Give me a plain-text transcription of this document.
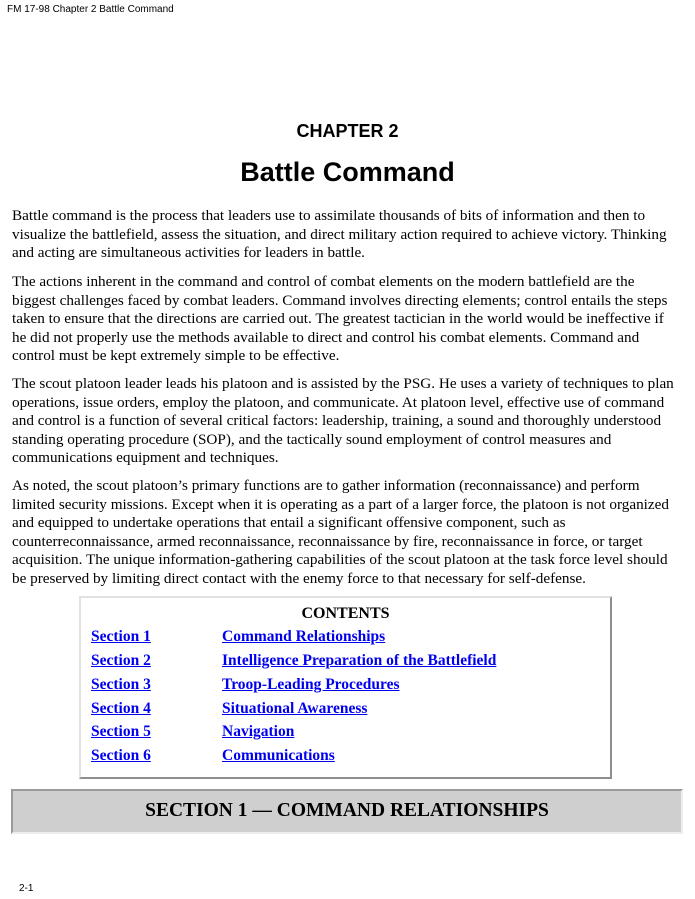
FM 17-98 Chapter 2 Battle Command
CHAPTER 2
Battle Command

Battle command is the process that leaders use to assimilate thousands of bits of information and then to visualize the battlefield, assess the situation, and direct military action required to achieve victory. Thinking and acting are simultaneous activities for leaders in battle.

The actions inherent in the command and control of combat elements on the modern battlefield are the biggest challenges faced by combat leaders. Command involves directing elements; control entails the steps taken to ensure that the directions are carried out. The greatest tactician in the world would be ineffective if he did not properly use the methods available to direct and control his combat elements. Command and control must be kept extremely simple to be effective.

The scout platoon leader leads his platoon and is assisted by the PSG. He uses a variety of techniques to plan operations, issue orders, employ the platoon, and communicate. At platoon level, effective use of command and control is a function of several critical factors: leadership, training, a sound and thoroughly understood standing operating procedure (SOP), and the tactically sound employment of control measures and communications equipment and techniques.

As noted, the scout platoon’s primary functions are to gather information (reconnaissance) and perform limited security missions. Except when it is operating as a part of a larger force, the platoon is not organized and equipped to undertake operations that entail a significant offensive component, such as counterreconnaissance, armed reconnaissance, reconnaissance by fire, reconnaissance in force, or target acquisition. The unique information-gathering capabilities of the scout platoon at the task force level should be preserved by limiting direct contact with the enemy force to that necessary for self-defense.

CONTENTS
Section 1	Command Relationships
Section 2	Intelligence Preparation of the Battlefield
Section 3	Troop-Leading Procedures
Section 4	Situational Awareness
Section 5	Navigation
Section 6	Communications
SECTION 1 — COMMAND RELATIONSHIPS
2-1
